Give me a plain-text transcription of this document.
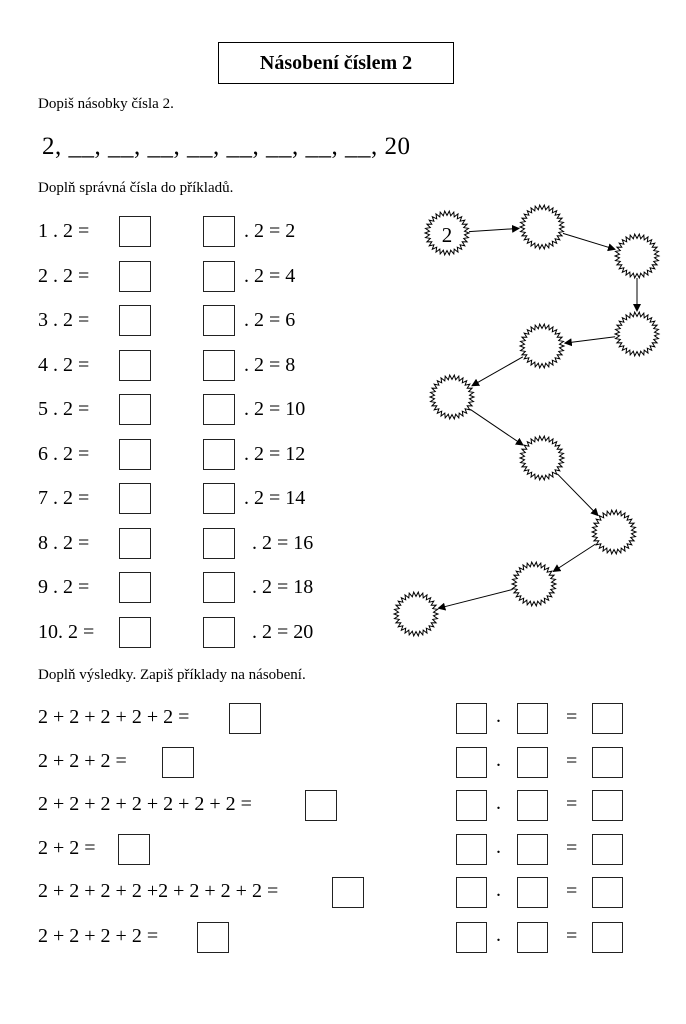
Násobení číslem 2
Dopiš násobky čísla 2.
2, __, __, __, __, __, __, __, __, 20
Doplň správná čísla do příkladů.
1 . 2 =	. 2 = 2
2 . 2 =	. 2 = 4
3 . 2 =	. 2 = 6
4 . 2 =	. 2 = 8
5 . 2 =	. 2 = 10
6 . 2 =	. 2 = 12
7 . 2 =	. 2 = 14
8 . 2 =	. 2 = 16
9 . 2 =	. 2 = 18
10. 2 =	. 2 = 20
2
Doplň výsledky. Zapiš příklady na násobení.
2 + 2 + 2 + 2 + 2 =	.	=
2 + 2 + 2 =	.	=
2 + 2 + 2 + 2 + 2 + 2 + 2 =	.	=
2 + 2 =	.	=
2 + 2 + 2 + 2 +2 + 2 + 2 + 2 =	.	=
2 + 2 + 2 + 2 =	.	=
